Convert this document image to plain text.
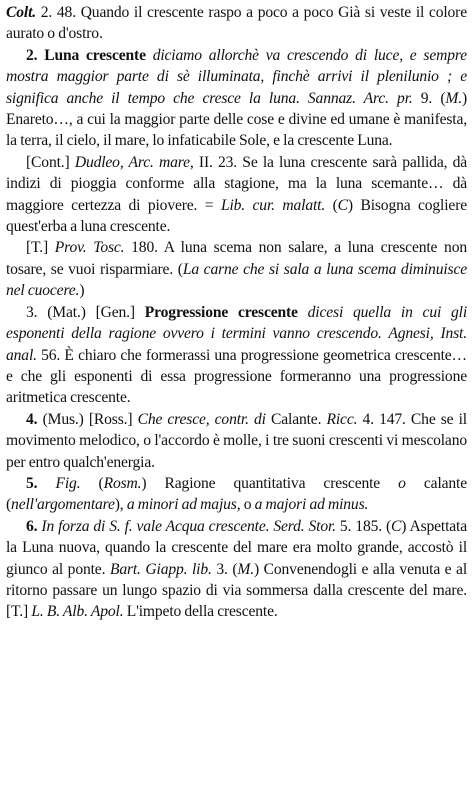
Colt. 2. 48. Quando il crescente raspo a poco a poco Già si veste il colore aurato o d'ostro.

2. Luna crescente diciamo allorchè va crescendo di luce, e sempre mostra maggior parte di sè illuminata, finchè arrivi il plenilunio ; e significa anche il tempo che cresce la luna. Sannaz. Arc. pr. 9. (M.) Enareto…, a cui la maggior parte delle cose e divine ed umane è manifesta, la terra, il cielo, il mare, lo infaticabile Sole, e la crescente Luna.

[Cont.] Dudleo, Arc. mare, II. 23. Se la luna crescente sarà pallida, dà indizi di pioggia conforme alla stagione, ma la luna scemante… dà maggiore certezza di piovere. = Lib. cur. malatt. (C) Bisogna cogliere quest'erba a luna crescente.

[T.] Prov. Tosc. 180. A luna scema non salare, a luna crescente non tosare, se vuoi risparmiare. (La carne che si sala a luna scema diminuisce nel cuocere.)

3. (Mat.) [Gen.] Progressione crescente dicesi quella in cui gli esponenti della ragione ovvero i termini vanno crescendo. Agnesi, Inst. anal. 56. È chiaro che formerassi una progressione geometrica crescente… e che gli esponenti di essa progressione formeranno una progressione aritmetica crescente.

4. (Mus.) [Ross.] Che cresce, contr. di Calante. Ricc. 4. 147. Che se il movimento melodico, o l'accordo è molle, i tre suoni crescenti vi mescolano per entro qualch'energia.

5. Fig. (Rosm.) Ragione quantitativa crescente o calante (nell'argomentare), a minori ad majus, o a majori ad minus.

6. In forza di S. f. vale Acqua crescente. Serd. Stor. 5. 185. (C) Aspettata la Luna nuova, quando la crescente del mare era molto grande, accostò il giunco al ponte. Bart. Giapp. lib. 3. (M.) Convenendogli e alla venuta e al ritorno passare un lungo spazio di via sommersa dalla crescente del mare. [T.] L. B. Alb. Apol. L'impeto della crescente.
